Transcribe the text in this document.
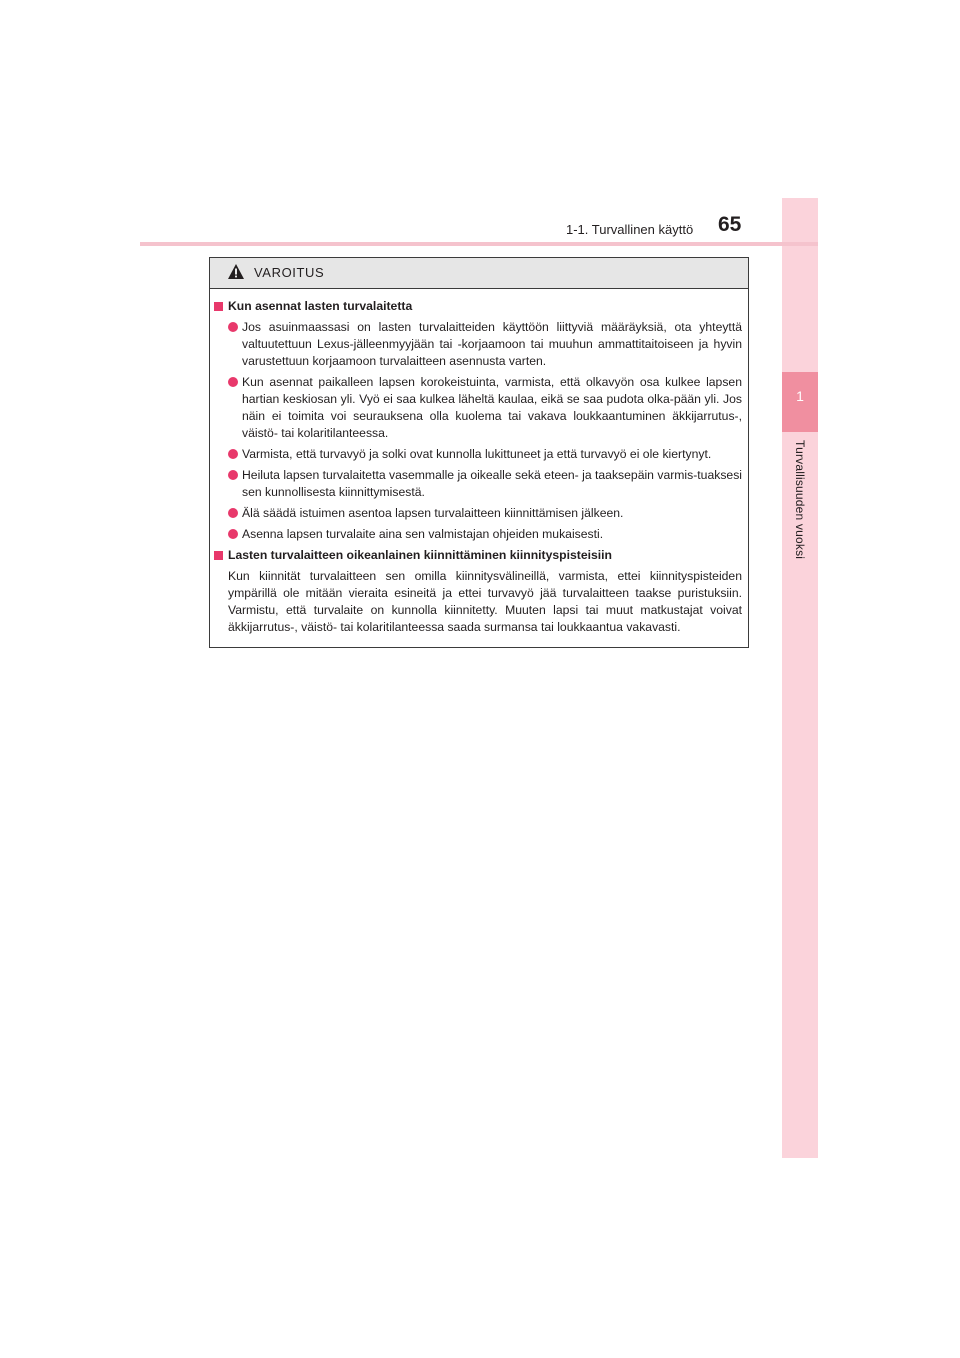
1
Turvallisuuden vuoksi
1-1. Turvallinen käyttö 65
VAROITUS
Kun asennat lasten turvalaitetta
Jos asuinmaassasi on lasten turvalaitteiden käyttöön liittyviä määräyksiä, ota yhteyttä valtuutettuun Lexus-jälleenmyyjään tai -korjaamoon tai muuhun ammattitaitoiseen ja hyvin varustettuun korjaamoon turvalaitteen asennusta varten.
Kun asennat paikalleen lapsen korokeistuinta, varmista, että olkavyön osa kulkee lapsen hartian keskiosan yli. Vyö ei saa kulkea läheltä kaulaa, eikä se saa pudota olka-pään yli. Jos näin ei toimita voi seurauksena olla kuolema tai vakava loukkaantuminen äkkijarrutus-, väistö- tai kolaritilanteessa.
Varmista, että turvavyö ja solki ovat kunnolla lukittuneet ja että turvavyö ei ole kiertynyt.
Heiluta lapsen turvalaitetta vasemmalle ja oikealle sekä eteen- ja taaksepäin varmis-tuaksesi sen kunnollisesta kiinnittymisestä.
Älä säädä istuimen asentoa lapsen turvalaitteen kiinnittämisen jälkeen.
Asenna lapsen turvalaite aina sen valmistajan ohjeiden mukaisesti.
Lasten turvalaitteen oikeanlainen kiinnittäminen kiinnityspisteisiin
Kun kiinnität turvalaitteen sen omilla kiinnitysvälineillä, varmista, ettei kiinnityspisteiden ympärillä ole mitään vieraita esineitä ja ettei turvavyö jää turvalaitteen taakse puristuksiin. Varmistu, että turvalaite on kunnolla kiinnitetty. Muuten lapsi tai muut matkustajat voivat äkkijarrutus-, väistö- tai kolaritilanteessa saada surmansa tai loukkaantua vakavasti.
